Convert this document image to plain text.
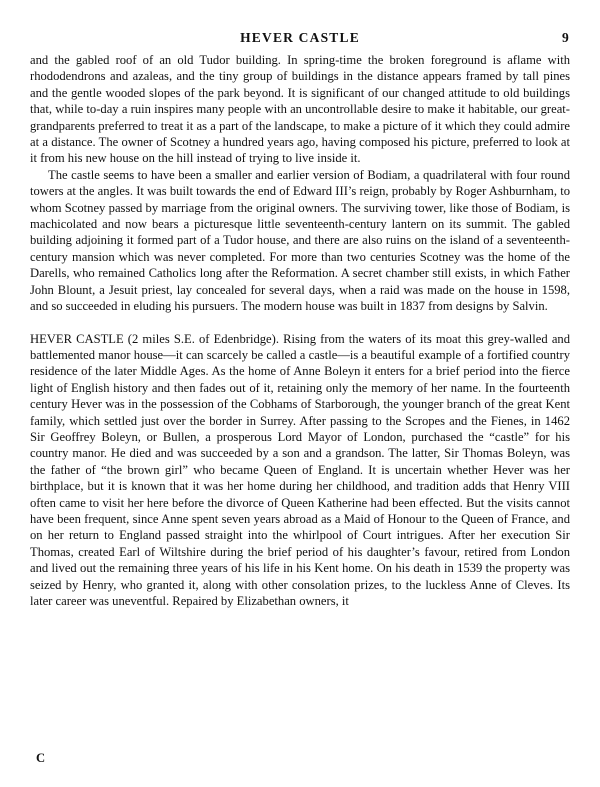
HEVER CASTLE	9

and the gabled roof of an old Tudor building. In spring-time the broken foreground is aflame with rhododendrons and azaleas, and the tiny group of buildings in the distance appears framed by tall pines and the gentle wooded slopes of the park beyond. It is significant of our changed attitude to old buildings that, while to-day a ruin inspires many people with an uncontrollable desire to make it habitable, our great-grandparents preferred to treat it as a part of the landscape, to make a picture of it which they could admire at a distance. The owner of Scotney a hundred years ago, having composed his picture, preferred to look at it from his new house on the hill instead of trying to live inside it.

The castle seems to have been a smaller and earlier version of Bodiam, a quadrilateral with four round towers at the angles. It was built towards the end of Edward III’s reign, probably by Roger Ashburnham, to whom Scotney passed by marriage from the original owners. The surviving tower, like those of Bodiam, is machicolated and now bears a picturesque little seventeenth-century lantern on its summit. The gabled building adjoining it formed part of a Tudor house, and there are also ruins on the island of a seventeenth-century mansion which was never completed. For more than two centuries Scotney was the home of the Darells, who remained Catholics long after the Reformation. A secret chamber still exists, in which Father John Blount, a Jesuit priest, lay concealed for several days, when a raid was made on the house in 1598, and so succeeded in eluding his pursuers. The modern house was built in 1837 from designs by Salvin.

HEVER CASTLE (2 miles S.E. of Edenbridge). Rising from the waters of its moat this grey-walled and battlemented manor house—it can scarcely be called a castle—is a beautiful example of a fortified country residence of the later Middle Ages. As the home of Anne Boleyn it enters for a brief period into the fierce light of English history and then fades out of it, retaining only the memory of her name. In the fourteenth century Hever was in the possession of the Cobhams of Starborough, the younger branch of the great Kent family, which settled just over the border in Surrey. After passing to the Scropes and the Fienes, in 1462 Sir Geoffrey Boleyn, or Bullen, a prosperous Lord Mayor of London, purchased the “castle” for his country manor. He died and was succeeded by a son and a grandson. The latter, Sir Thomas Boleyn, was the father of “the brown girl” who became Queen of England. It is uncertain whether Hever was her birthplace, but it is known that it was her home during her childhood, and tradition adds that Henry VIII often came to visit her here before the divorce of Queen Katherine had been effected. But the visits cannot have been frequent, since Anne spent seven years abroad as a Maid of Honour to the Queen of France, and on her return to England passed straight into the whirlpool of Court intrigues. After her execution Sir Thomas, created Earl of Wiltshire during the brief period of his daughter’s favour, retired from London and lived out the remaining three years of his life in his Kent home. On his death in 1539 the property was seized by Henry, who granted it, along with other consolation prizes, to the luckless Anne of Cleves. Its later career was uneventful. Repaired by Elizabethan owners, it

C
